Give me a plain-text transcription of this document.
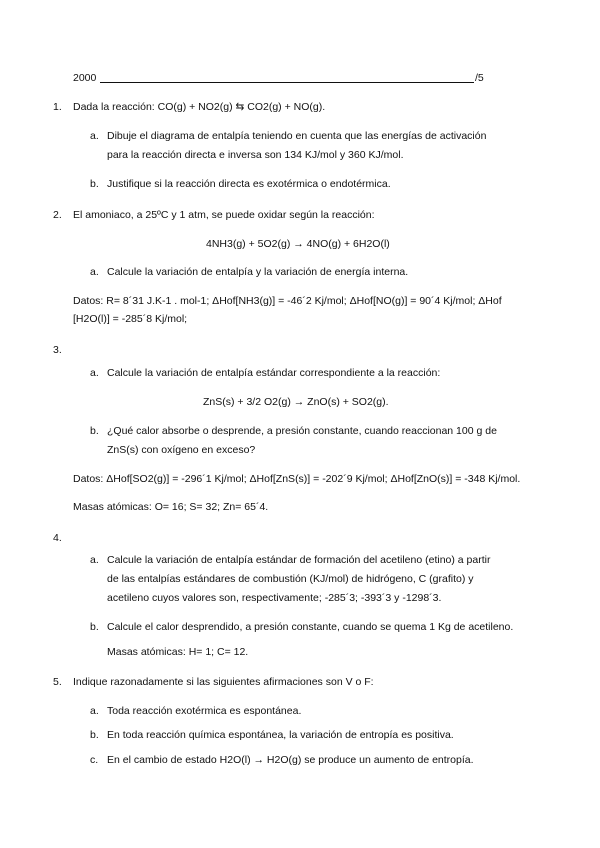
2000	/5
1. Dada la reacción: CO(g) + NO2(g) ⇆ CO2(g) + NO(g).
a. Dibuje el diagrama de entalpía teniendo en cuenta que las energías de activación
para la reacción directa e inversa son 134 KJ/mol y 360 KJ/mol.
b. Justifique si la reacción directa es exotérmica o endotérmica.
2. El amoniaco, a 25ºC y 1 atm, se puede oxidar según la reacción:
4NH3(g) + 5O2(g) → 4NO(g) + 6H2O(l)
a. Calcule la variación de entalpía y la variación de energía interna.
Datos: R= 8´31 J.K-1 . mol-1; ΔHof[NH3(g)] = -46´2 Kj/mol; ΔHof[NO(g)] = 90´4 Kj/mol; ΔHof
[H2O(l)] = -285´8 Kj/mol;
3.
a. Calcule la variación de entalpía estándar correspondiente a la reacción:
ZnS(s) + 3/2 O2(g) → ZnO(s) + SO2(g).
b. ¿Qué calor absorbe o desprende, a presión constante, cuando reaccionan 100 g de
ZnS(s) con oxígeno en exceso?
Datos: ΔHof[SO2(g)] = -296´1 Kj/mol; ΔHof[ZnS(s)] = -202´9 Kj/mol; ΔHof[ZnO(s)] = -348 Kj/mol.
Masas atómicas: O= 16; S= 32; Zn= 65´4.
4.
a. Calcule la variación de entalpía estándar de formación del acetileno (etino) a partir
de las entalpías estándares de combustión (KJ/mol) de hidrógeno, C (grafito) y
acetileno cuyos valores son, respectivamente; -285´3; -393´3 y -1298´3.
b. Calcule el calor desprendido, a presión constante, cuando se quema 1 Kg de acetileno.
Masas atómicas: H= 1; C= 12.
5. Indique razonadamente si las siguientes afirmaciones son V o F:
a. Toda reacción exotérmica es espontánea.
b. En toda reacción química espontánea, la variación de entropía es positiva.
c. En el cambio de estado H2O(l) → H2O(g) se produce un aumento de entropía.
